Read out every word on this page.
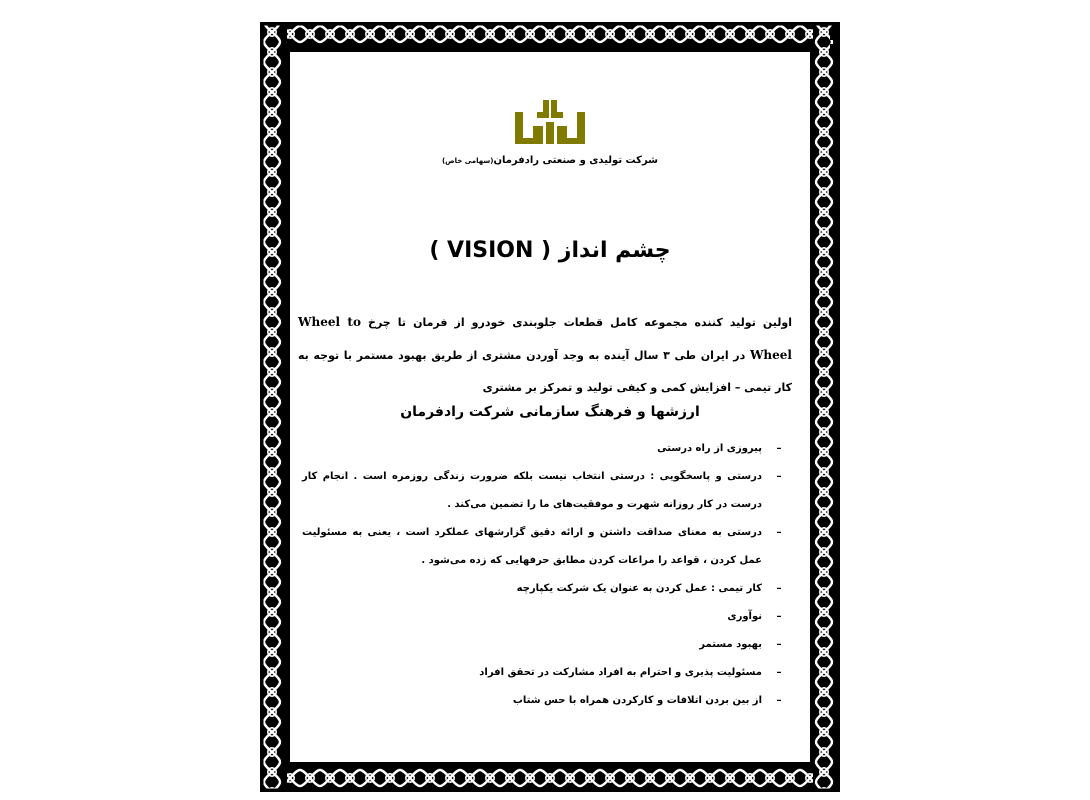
شرکت تولیدی و صنعتی رادفرمان(سهامی خاص)
چشم انداز ( VISION )

اولین تولید کننده مجموعه کامل قطعات جلوبندی خودرو از فرمان تا چرخ Wheel to Wheel در ایران طی ۳ سال آینده به وجد آوردن مشتری از طریق بهبود مستمر با توجه به کار تیمی – افزایش کمی و کیفی تولید و تمرکز بر مشتری

ارزشها و فرهنگ سازمانی شرکت رادفرمان
–
پیروزی از راه درستی
–
درستی و پاسخگویی : درستی انتخاب نیست بلکه ضرورت زندگی روزمره است . انجام کار درست در کار روزانه شهرت و موفقیت‌های ما را تضمین می‌کند .
–
درستی به معنای صداقت داشتن و ارائه دقیق گزارشهای عملکرد است ، یعنی به مسئولیت عمل کردن ، قواعد را مراعات کردن مطابق حرفهایی که زده می‌شود .
–
کار تیمی : عمل کردن به عنوان یک شرکت یکپارچه
–
نوآوری
–
بهبود مستمر
–
مسئولیت پذیری و احترام به افراد مشارکت در تحقق افراد
–
از بین بردن اتلافات و کارکردن همراه با حس شتاب
